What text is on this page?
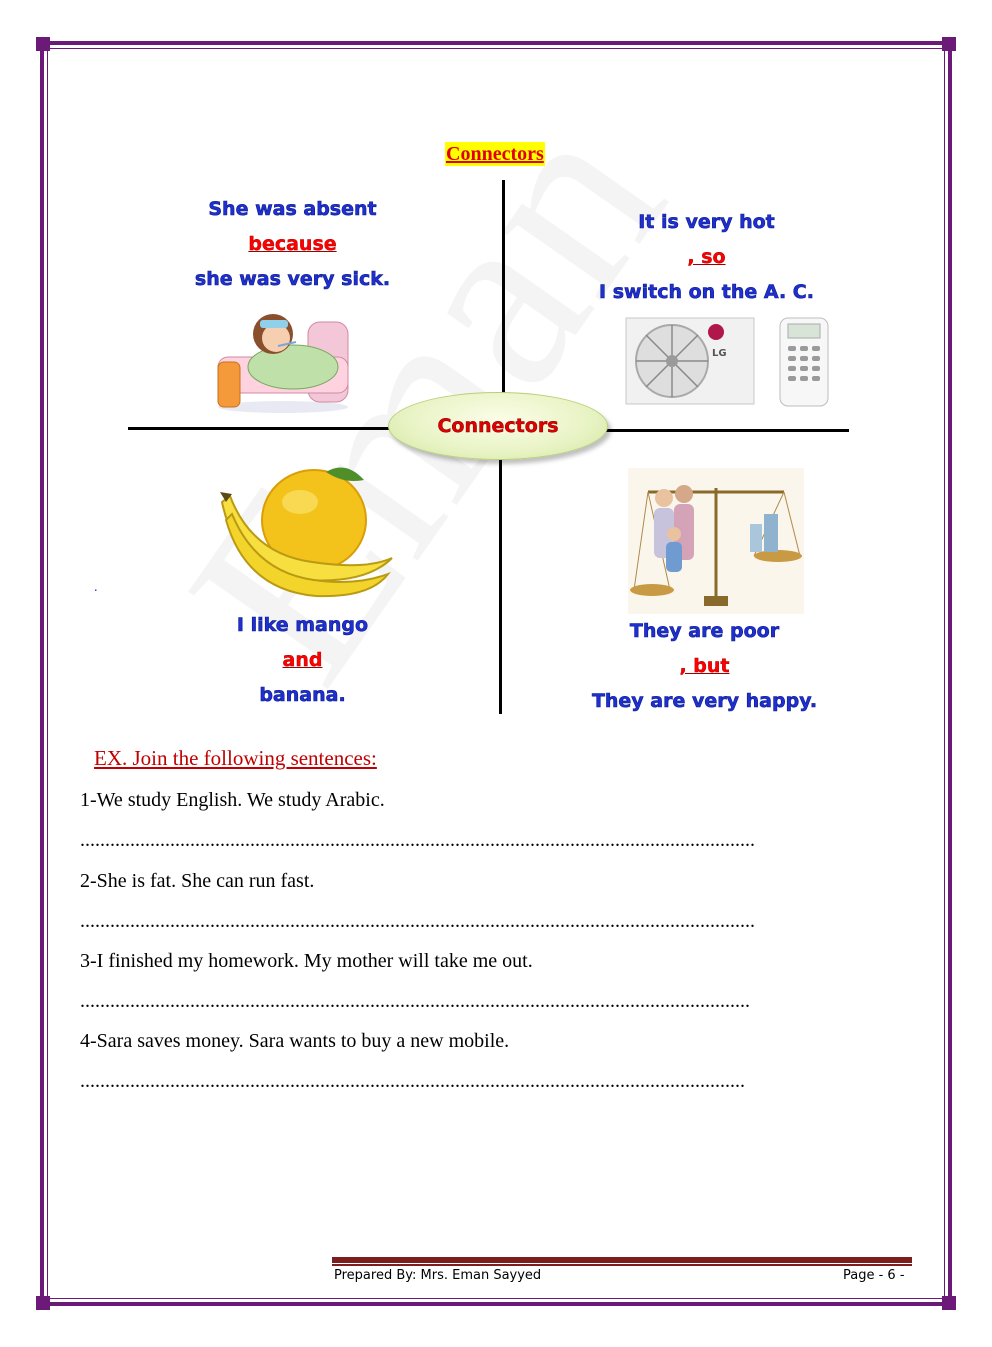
Connectors
Connectors
She was absent
because
she was very sick.
It is very hot
, so
I switch on the A. C.
LG
.
I like mango
and
banana.
They are poor
, but
They are very happy.
EX. Join the following sentences:
1-We study English. We study Arabic.
.......................................................................................................................................
2-She is fat. She can run fast.
.......................................................................................................................................
3-I finished my homework. My mother will take me out.
......................................................................................................................................
4-Sara saves money. Sara wants to buy a new mobile.
.....................................................................................................................................
Prepared By: Mrs. Eman Sayyed	Page - 6 -
